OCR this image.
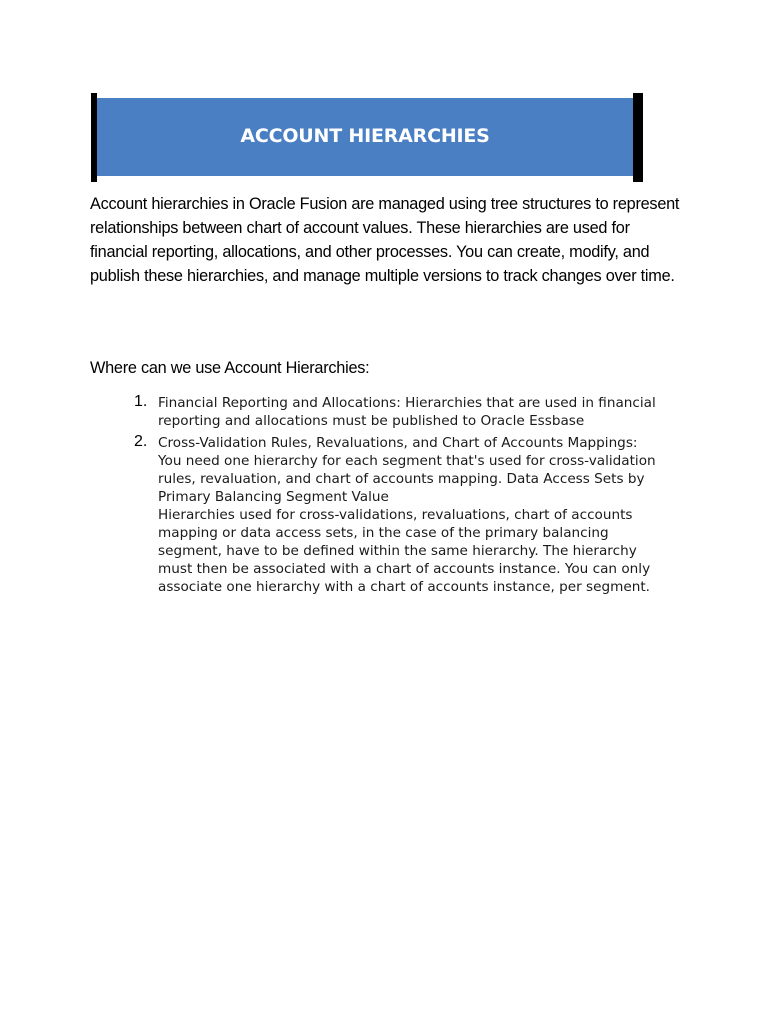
ACCOUNT HIERARCHIES

Account hierarchies in Oracle Fusion are managed using tree structures to represent relationships between chart of account values. These hierarchies are used for financial reporting, allocations, and other processes. You can create, modify, and publish these hierarchies, and manage multiple versions to track changes over time.

Where can we use Account Hierarchies:
1. Financial Reporting and Allocations: Hierarchies that are used in financial
reporting and allocations must be published to Oracle Essbase
2. Cross-Validation Rules, Revaluations, and Chart of Accounts Mappings:
You need one hierarchy for each segment that's used for cross-validation
rules, revaluation, and chart of accounts mapping. Data Access Sets by
Primary Balancing Segment Value
Hierarchies used for cross-validations, revaluations, chart of accounts
mapping or data access sets, in the case of the primary balancing
segment, have to be defined within the same hierarchy. The hierarchy
must then be associated with a chart of accounts instance. You can only
associate one hierarchy with a chart of accounts instance, per segment.
